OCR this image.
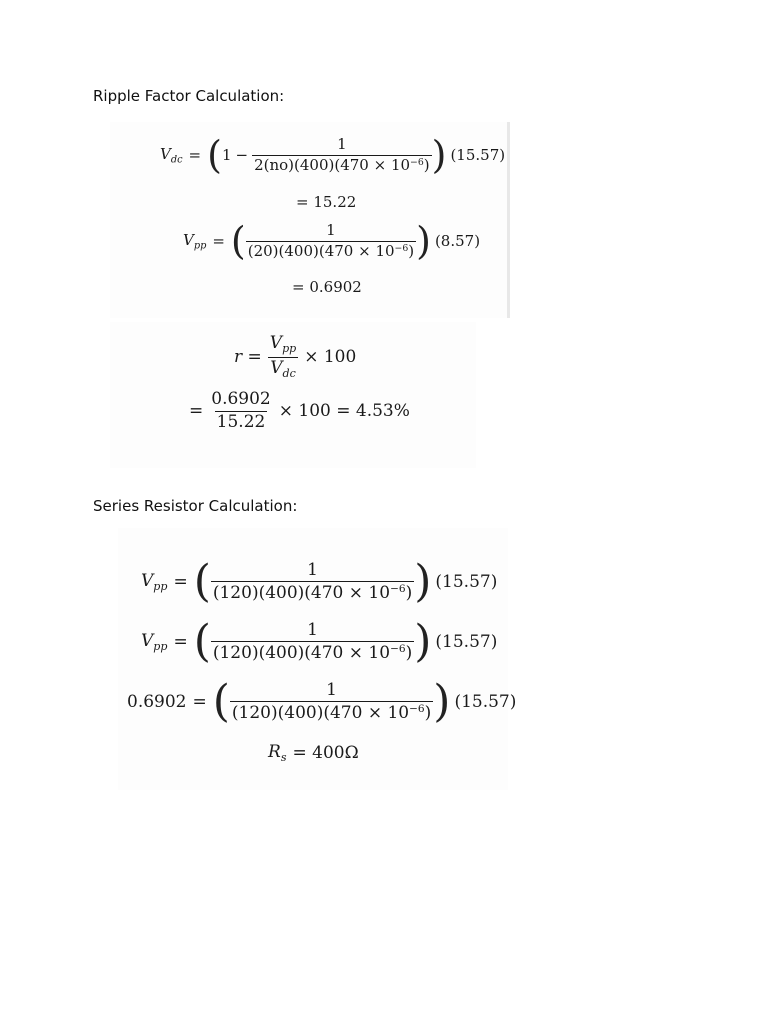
Ripple Factor Calculation:
$V_{dc}$ = ( $1 - \frac{1}{2(no)(400)(470 \times 10^{-6})}$ ) (15.57)
= 15.22
$V_{pp}$ = ( $\frac{1}{(20)(400)(470 \times 10^{-6})}$ ) (8.57)
= 0.6902
$r = \frac{V_{pp}}{V_{dc}} \times 100$
= $\frac{0.6902}{15.22} \times 100 = 4.53\%$
Series Resistor Calculation:
$V_{pp}$ = ( $\frac{1}{(120)(400)(470 \times 10^{-6})}$ ) (15.57)
$V_{pp}$ = ( $\frac{1}{(120)(400)(470 \times 10^{-6})}$ ) (15.57)
0.6902 = ( $\frac{1}{(120)(400)(470 \times 10^{-6})}$ ) (15.57)
$R_s = 400\Omega$
